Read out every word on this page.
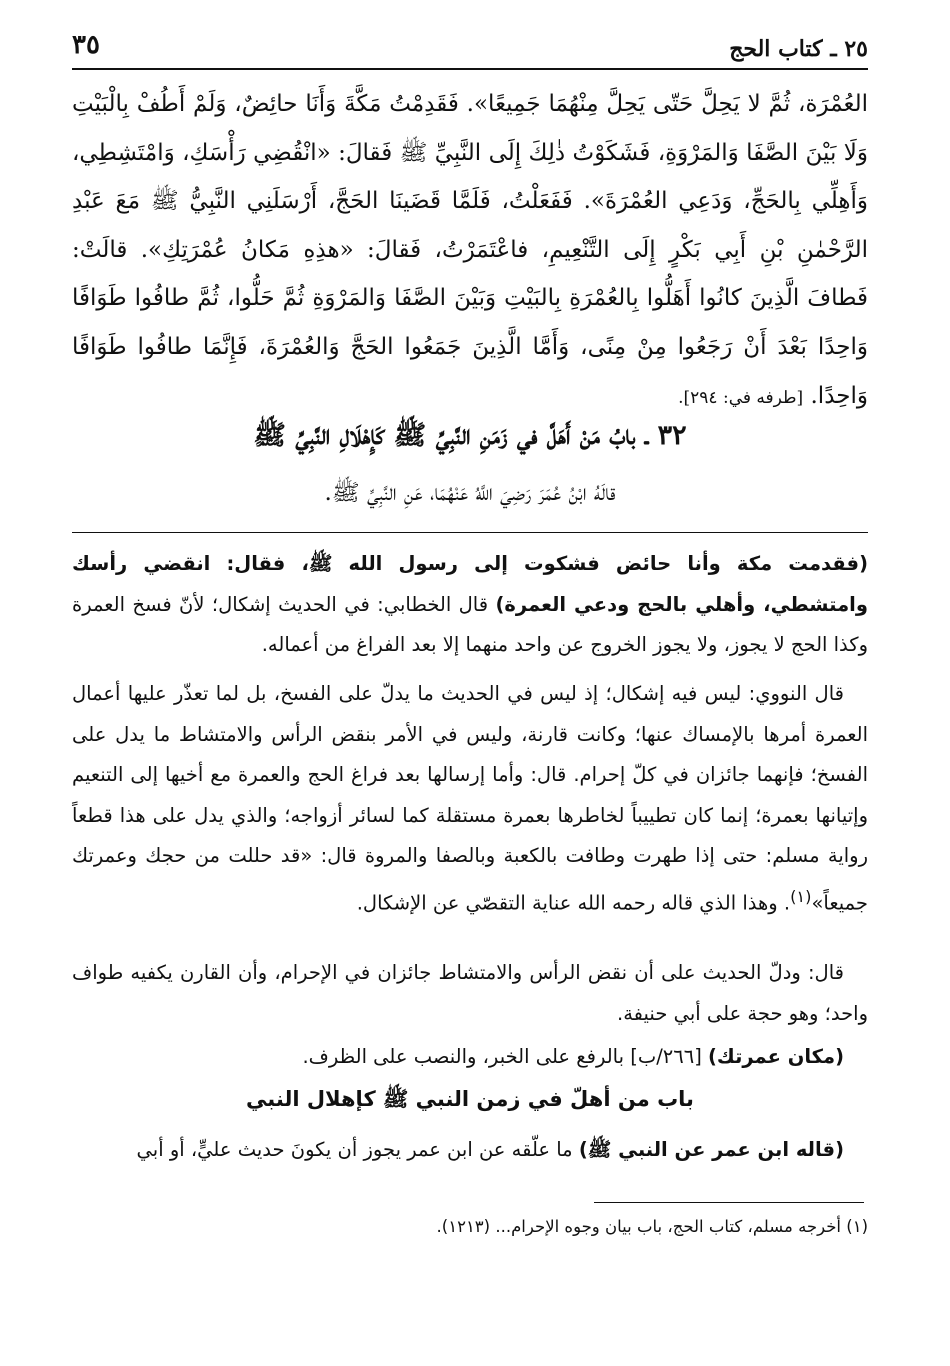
٢٥ ـ كتاب الحج
٣٥
العُمْرَة، ثُمَّ لا يَحِلَّ حَتّى يَحِلَّ مِنْهُمَا جَمِيعًا». فَقَدِمْتُ مَكَّةَ وَأَنَا حائِضٌ، وَلَمْ أَطُفْ بِالْبَيْتِ وَلَا بَيْنَ الصَّفَا وَالمَرْوَةِ، فَشَكَوْتُ ذٰلِكَ إِلَى النَّبِيِّ ﷺ فَقالَ: «انْقُضِي رَأْسَكِ، وَامْتَشِطِي، وَأَهِلِّي بِالحَجِّ، وَدَعِي العُمْرَةَ». فَفَعَلْتُ، فَلَمَّا قَضَينَا الحَجَّ، أَرْسَلَنِي النَّبِيُّ ﷺ مَعَ عَبْدِ الرَّحْمٰنِ بْنِ أَبِي بَكْرٍ إِلَى التَّنْعِيمِ، فاعْتَمَرْتُ، فَقالَ: «هذِهِ مَكانُ عُمْرَتِكِ». قالَتْ: فَطافَ الَّذِينَ كانُوا أَهَلُّوا بِالعُمْرَةِ بِالبَيْتِ وَبَيْنَ الصَّفَا وَالمَرْوَةِ ثُمَّ حَلُّوا، ثُمَّ طافُوا طَوَافًا وَاحِدًا بَعْدَ أَنْ رَجَعُوا مِنْ مِنًى، وَأَمَّا الَّذِينَ جَمَعُوا الحَجَّ وَالعُمْرَةَ، فَإِنَّمَا طافُوا طَوَافًا وَاحِدًا. [طرفه في: ٢٩٤].
٣٢ ـ بابُ مَنْ أَهَلَّ في زَمَنِ النَّبِيِّ ﷺ كَإِهْلَالِ النَّبِيِّ ﷺ
قالَهُ ابْنُ عُمَرَ رَضِيَ اللَّهُ عَنْهُمَا، عَنِ النَّبِيِّ ﷺ.
(فقدمت مكة وأنا حائض فشكوت إلى رسول الله ﷺ، فقال: انقضي رأسك وامتشطي، وأهلي بالحج ودعي العمرة) قال الخطابي: في الحديث إشكال؛ لأنّ فسخ العمرة وكذا الحج لا يجوز، ولا يجوز الخروج عن واحد منهما إلا بعد الفراغ من أعماله.
قال النووي: ليس فيه إشكال؛ إذ ليس في الحديث ما يدلّ على الفسخ، بل لما تعذّر عليها أعمال العمرة أمرها بالإمساك عنها؛ وكانت قارنة، وليس في الأمر بنقض الرأس والامتشاط ما يدل على الفسخ؛ فإنهما جائزان في كلّ إحرام. قال: وأما إرسالها بعد فراغ الحج والعمرة مع أخيها إلى التنعيم وإتيانها بعمرة؛ إنما كان تطييباً لخاطرها بعمرة مستقلة كما لسائر أزواجه؛ والذي يدل على هذا قطعاً رواية مسلم: حتى إذا طهرت وطافت بالكعبة وبالصفا والمروة قال: «قد حللت من حجك وعمرتك جميعاً»$^{(١)}$. وهذا الذي قاله رحمه الله عناية التقصّي عن الإشكال.
قال: ودلّ الحديث على أن نقض الرأس والامتشاط جائزان في الإحرام، وأن القارن يكفيه طواف واحد؛ وهو حجة على أبي حنيفة.
(مكان عمرتك) [٢٦٦/ب] بالرفع على الخبر، والنصب على الظرف.
باب من أهلّ في زمن النبي ﷺ كإهلال النبي
(قاله ابن عمر عن النبي ﷺ) ما علّقه عن ابن عمر يجوز أن يكونَ حديث عليٍّ، أو أبي
(١) أخرجه مسلم، كتاب الحج، باب بيان وجوه الإحرام... (١٢١٣).
